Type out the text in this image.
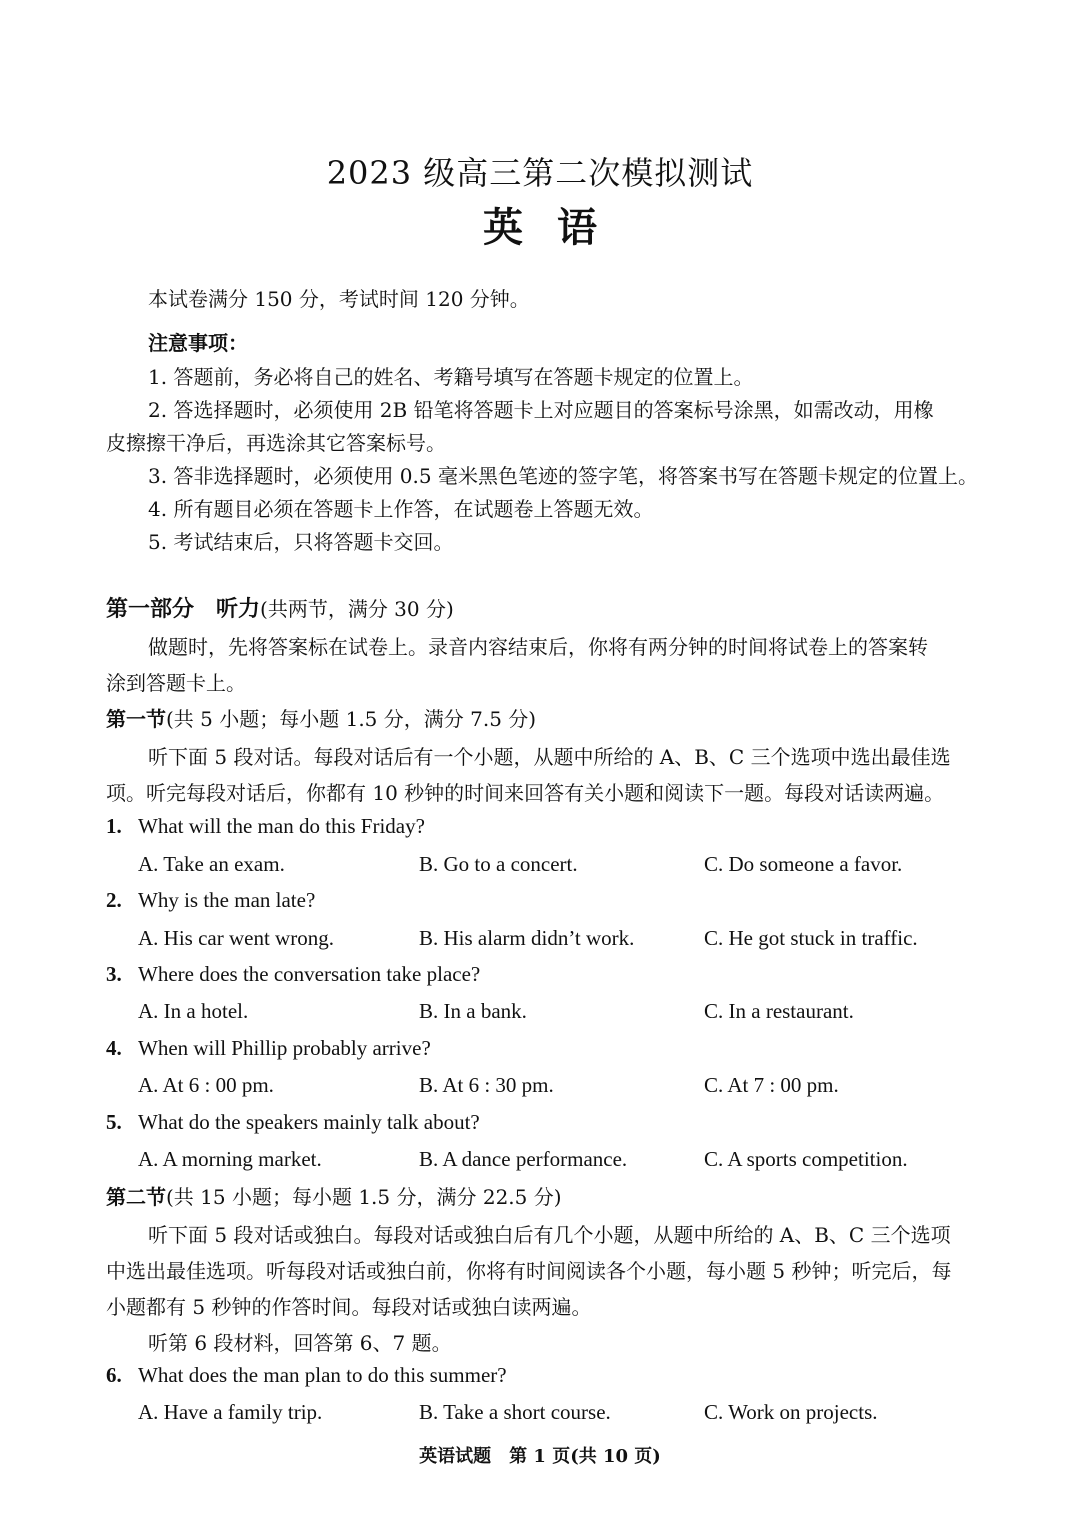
2023 级高三第二次模拟测试
英语
本试卷满分 150 分，考试时间 120 分钟。
注意事项：
1. 答题前，务必将自己的姓名、考籍号填写在答题卡规定的位置上。
2. 答选择题时，必须使用 2B 铅笔将答题卡上对应题目的答案标号涂黑，如需改动，用橡
皮擦擦干净后，再选涂其它答案标号。
3. 答非选择题时，必须使用 0.5 毫米黑色笔迹的签字笔，将答案书写在答题卡规定的位置上。
4. 所有题目必须在答题卡上作答，在试题卷上答题无效。
5. 考试结束后，只将答题卡交回。
第一部分　听力(共两节，满分 30 分)
做题时，先将答案标在试卷上。录音内容结束后，你将有两分钟的时间将试卷上的答案转
涂到答题卡上。
第一节(共 5 小题；每小题 1.5 分，满分 7.5 分)
听下面 5 段对话。每段对话后有一个小题，从题中所给的 A、B、C 三个选项中选出最佳选
项。听完每段对话后，你都有 10 秒钟的时间来回答有关小题和阅读下一题。每段对话读两遍。
1. What will the man do this Friday?
A. Take an exam.	B. Go to a concert.	C. Do someone a favor.
2. Why is the man late?
A. His car went wrong.	B. His alarm didn’t work.	C. He got stuck in traffic.
3. Where does the conversation take place?
A. In a hotel.	B. In a bank.	C. In a restaurant.
4. When will Phillip probably arrive?
A. At 6 : 00 pm.	B. At 6 : 30 pm.	C. At 7 : 00 pm.
5. What do the speakers mainly talk about?
A. A morning market.	B. A dance performance.	C. A sports competition.
第二节(共 15 小题；每小题 1.5 分，满分 22.5 分)
听下面 5 段对话或独白。每段对话或独白后有几个小题，从题中所给的 A、B、C 三个选项
中选出最佳选项。听每段对话或独白前，你将有时间阅读各个小题，每小题 5 秒钟；听完后，每
小题都有 5 秒钟的作答时间。每段对话或独白读两遍。
听第 6 段材料，回答第 6、7 题。
6. What does the man plan to do this summer?
A. Have a family trip.	B. Take a short course.	C. Work on projects.
英语试题　第 1 页(共 10 页)
